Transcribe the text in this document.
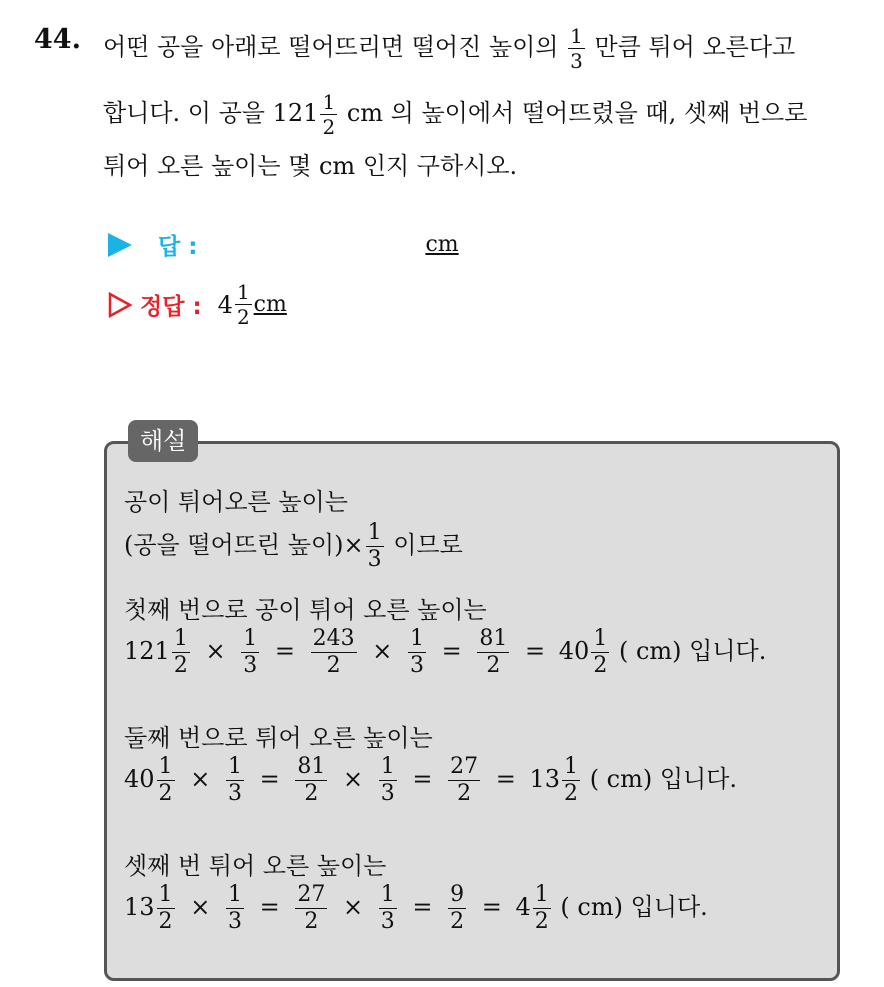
44. 어떤 공을 아래로 떨어뜨리면 떨어진 높이의 $\frac{1}{3}$ 만큼 튀어 오른다고
합니다. 이 공을 $121 \frac{1}{2}$ cm 의 높이에서 떨어뜨렸을 때, 셋째 번으로
튀어 오른 높이는 몇 cm 인지 구하시오.
답 :	cm
정답 : $4 \frac{1}{2}$ cm
해설
공이 튀어오른 높이는
(공을 떨어뜨린 높이)× $\frac{1}{3}$ 이므로
첫째 번으로 공이 튀어 오른 높이는
$121 \frac{1}{2} \times \frac{1}{3} = \frac{243}{2} \times \frac{1}{3} = \frac{81}{2} = 40 \frac{1}{2}$ ( cm) 입니다.
둘째 번으로 튀어 오른 높이는
$40 \frac{1}{2} \times \frac{1}{3} = \frac{81}{2} \times \frac{1}{3} = \frac{27}{2} = 13 \frac{1}{2}$ ( cm) 입니다.
셋째 번 튀어 오른 높이는
$13 \frac{1}{2} \times \frac{1}{3} = \frac{27}{2} \times \frac{1}{3} = \frac{9}{2} = 4 \frac{1}{2}$ ( cm) 입니다.
